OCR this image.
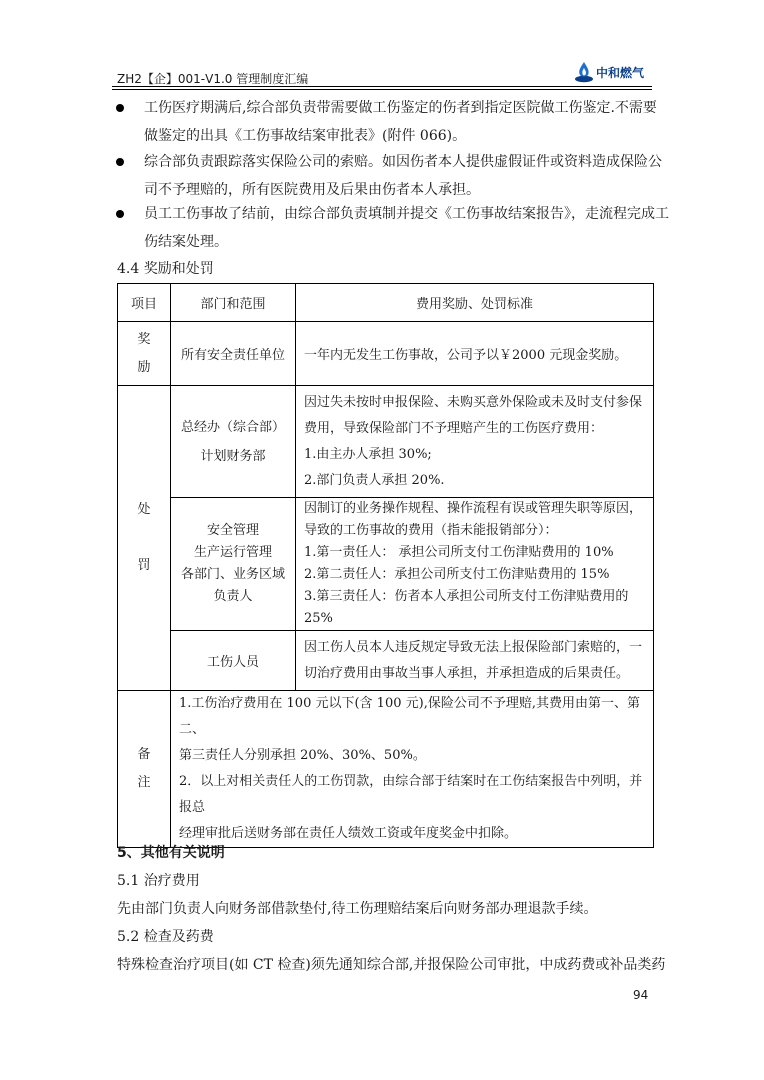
ZH2【企】001-V1.0 管理制度汇编	中和燃气
工伤医疗期满后,综合部负责带需要做工伤鉴定的伤者到指定医院做工伤鉴定.不需要
做鉴定的出具《工伤事故结案审批表》(附件 066)。
综合部负责跟踪落实保险公司的索赔。如因伤者本人提供虚假证件或资料造成保险公
司不予理赔的，所有医院费用及后果由伤者本人承担。
员工工伤事故了结前，由综合部负责填制并提交《工伤事故结案报告》，走流程完成工
伤结案处理。
4.4 奖励和处罚
项目	部门和范围	费用奖励、处罚标准

奖
励	所有安全责任单位	一年内无发生工伤事故，公司予以￥2000 元现金奖励。

处
罚	总经办（综合部）
计划财务部	因过失未按时申报保险、未购买意外保险或未及时支付参保费用，导致保险部门不予理赔产生的工伤医疗费用：
1.由主办人承担 30%;
2.部门负责人承担 20%.

	安全管理
生产运行管理
各部门、业务区域
负责人	因制订的业务操作规程、操作流程有误或管理失职等原因，导致的工伤事故的费用（指未能报销部分）：
1.第一责任人： 承担公司所支付工伤津贴费用的 10%
2.第二责任人：承担公司所支付工伤津贴费用的 15%
3.第三责任人：伤者本人承担公司所支付工伤津贴费用的 25%

	工伤人员	因工伤人员本人违反规定导致无法上报保险部门索赔的，一切治疗费用由事故当事人承担，并承担造成的后果责任。

备
注	1.工伤治疗费用在 100 元以下(含 100 元),保险公司不予理赔,其费用由第一、第二、
第三责任人分别承担 20%、30%、50%。
2．以上对相关责任人的工伤罚款，由综合部于结案时在工伤结案报告中列明，并报总
经理审批后送财务部在责任人绩效工资或年度奖金中扣除。	
5、其他有关说明
5.1 治疗费用
先由部门负责人向财务部借款垫付,待工伤理赔结案后向财务部办理退款手续。
5.2 检查及药费
特殊检查治疗项目(如 CT 检查)须先通知综合部,并报保险公司审批，中成药费或补品类药
94
